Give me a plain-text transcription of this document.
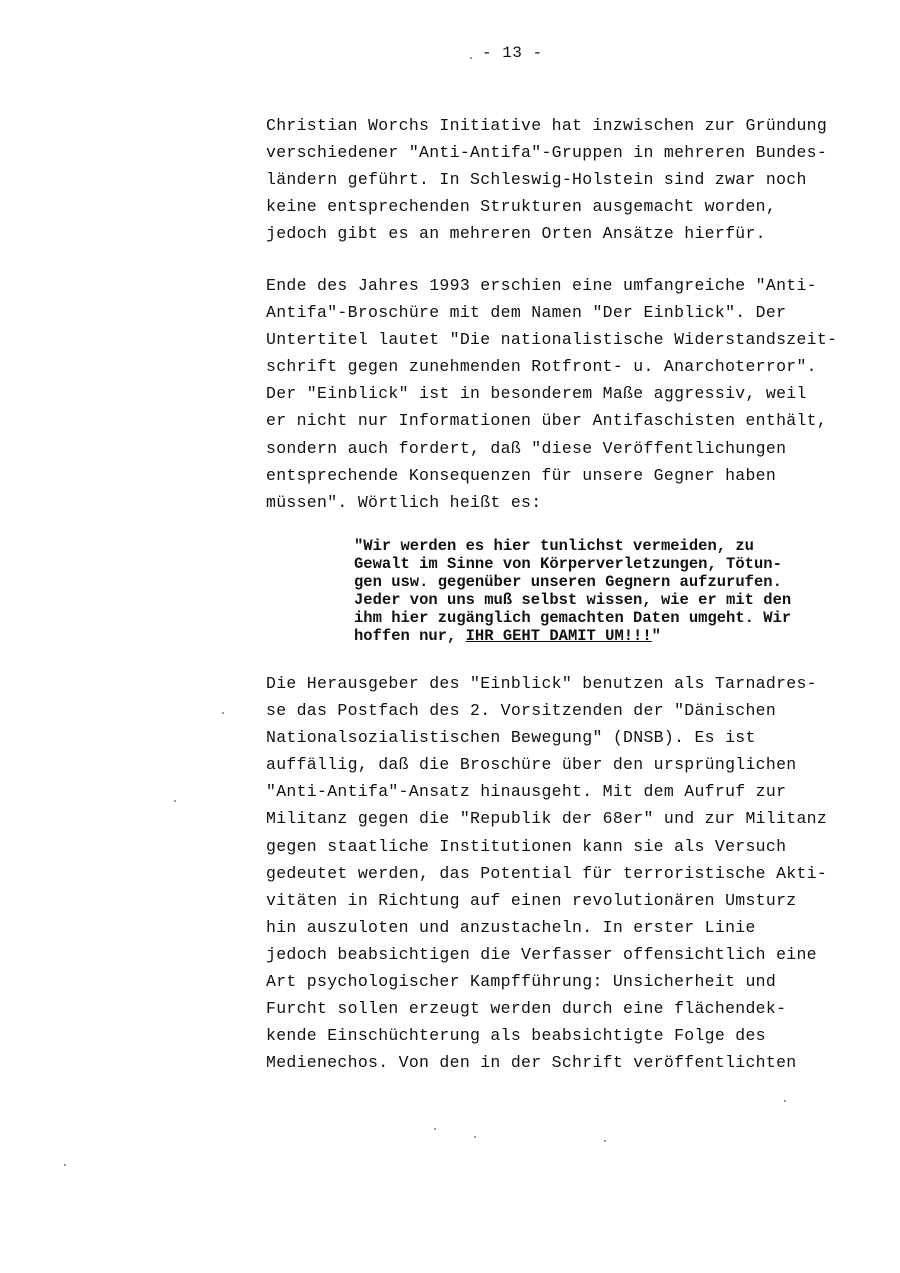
- 13 -
Christian Worchs Initiative hat inzwischen zur Gründung
verschiedener "Anti-Antifa"-Gruppen in mehreren Bundes-
ländern geführt. In Schleswig-Holstein sind zwar noch
keine entsprechenden Strukturen ausgemacht worden,
jedoch gibt es an mehreren Orten Ansätze hierfür.
Ende des Jahres 1993 erschien eine umfangreiche "Anti-
Antifa"-Broschüre mit dem Namen "Der Einblick". Der
Untertitel lautet "Die nationalistische Widerstandszeit-
schrift gegen zunehmenden Rotfront- u. Anarchoterror".
Der "Einblick" ist in besonderem Maße aggressiv, weil
er nicht nur Informationen über Antifaschisten enthält,
sondern auch fordert, daß "diese Veröffentlichungen
entsprechende Konsequenzen für unsere Gegner haben
müssen". Wörtlich heißt es:
"Wir werden es hier tunlichst vermeiden, zu
Gewalt im Sinne von Körperverletzungen, Tötun-
gen usw. gegenüber unseren Gegnern aufzurufen.
Jeder von uns muß selbst wissen, wie er mit den
ihm hier zugänglich gemachten Daten umgeht. Wir
hoffen nur, IHR GEHT DAMIT UM!!!"
Die Herausgeber des "Einblick" benutzen als Tarnadres-
se das Postfach des 2. Vorsitzenden der "Dänischen
Nationalsozialistischen Bewegung" (DNSB). Es ist
auffällig, daß die Broschüre über den ursprünglichen
"Anti-Antifa"-Ansatz hinausgeht. Mit dem Aufruf zur
Militanz gegen die "Republik der 68er" und zur Militanz
gegen staatliche Institutionen kann sie als Versuch
gedeutet werden, das Potential für terroristische Akti-
vitäten in Richtung auf einen revolutionären Umsturz
hin auszuloten und anzustacheln. In erster Linie
jedoch beabsichtigen die Verfasser offensichtlich eine
Art psychologischer Kampfführung: Unsicherheit und
Furcht sollen erzeugt werden durch eine flächendek-
kende Einschüchterung als beabsichtigte Folge des
Medienechos. Von den in der Schrift veröffentlichten
